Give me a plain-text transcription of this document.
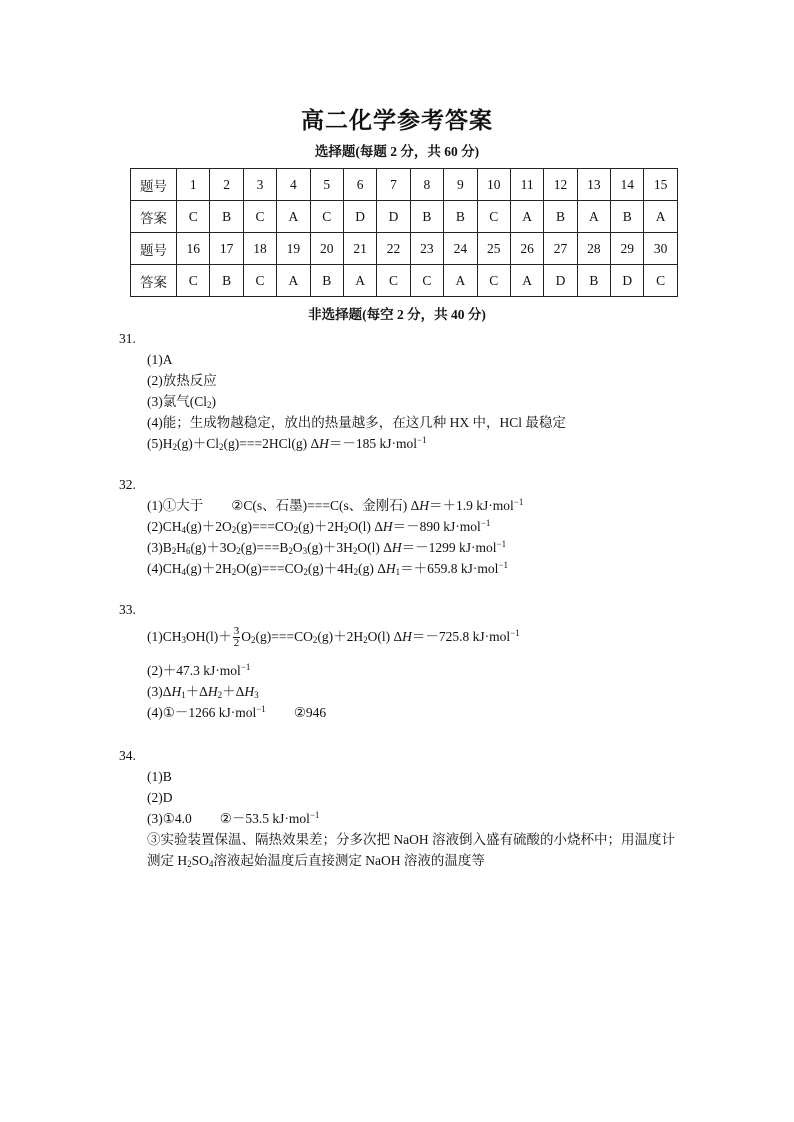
高二化学参考答案
选择题(每题 2 分，共 60 分)
题号	1	2	3	4	5	6	7	8	9	10	11	12	13	14	15
答案	C	B	C	A	C	D	D	B	B	C	A	B	A	B	A
题号	16	17	18	19	20	21	22	23	24	25	26	27	28	29	30
答案	C	B	C	A	B	A	C	C	A	C	A	D	B	D	C
非选择题(每空 2 分，共 40 分)
31.
(1)A
(2)放热反应
(3)氯气$(Cl_2)$
(4)能；生成物越稳定，放出的热量越多，在这几种 HX 中，HCl 最稳定
$(5)H_2(g)+Cl_2(g)===2HCl(g)$ ΔH＝－185 kJ·mol$^{-1}$
32.
(1)①大于 ②C(s、石墨)===C(s、金刚石) ΔH＝＋1.9 kJ·mol$^{-1}$
$(2)CH_4(g)+2O_2(g)===CO_2(g)+2H_2O(l)$ ΔH＝－890 kJ·mol$^{-1}$
$(3)B_2H_6(g)+3O_2(g)===B_2O_3(g)+3H_2O(l)$ ΔH＝－1299 kJ·mol$^{-1}$
$(4)CH_4(g)+2H_2O(g)===CO_2(g)+4H_2(g)$ $\Delta H_1=+659.8$ kJ·mol$^{-1}$
33.
$(1)CH_3OH(l)+ \frac{3}{2} O_2(g)===CO_2(g)+2H_2O(l)$ ΔH＝－725.8 kJ·mol$^{-1}$
(2)＋47.3 kJ·mol$^{-1}$
$(3)\Delta H_1+\Delta H_2+\Delta H_3$
(4)①－1266 kJ·mol$^{-1}$ ②946
34.
(1)B
(2)D
(3)①4.0 ②－53.5 kJ·mol$^{-1}$
③实验装置保温、隔热效果差；分多次把 NaOH 溶液倒入盛有硫酸的小烧杯中；用温度计测定 $H_2SO_4$溶液起始温度后直接测定 NaOH 溶液的温度等
